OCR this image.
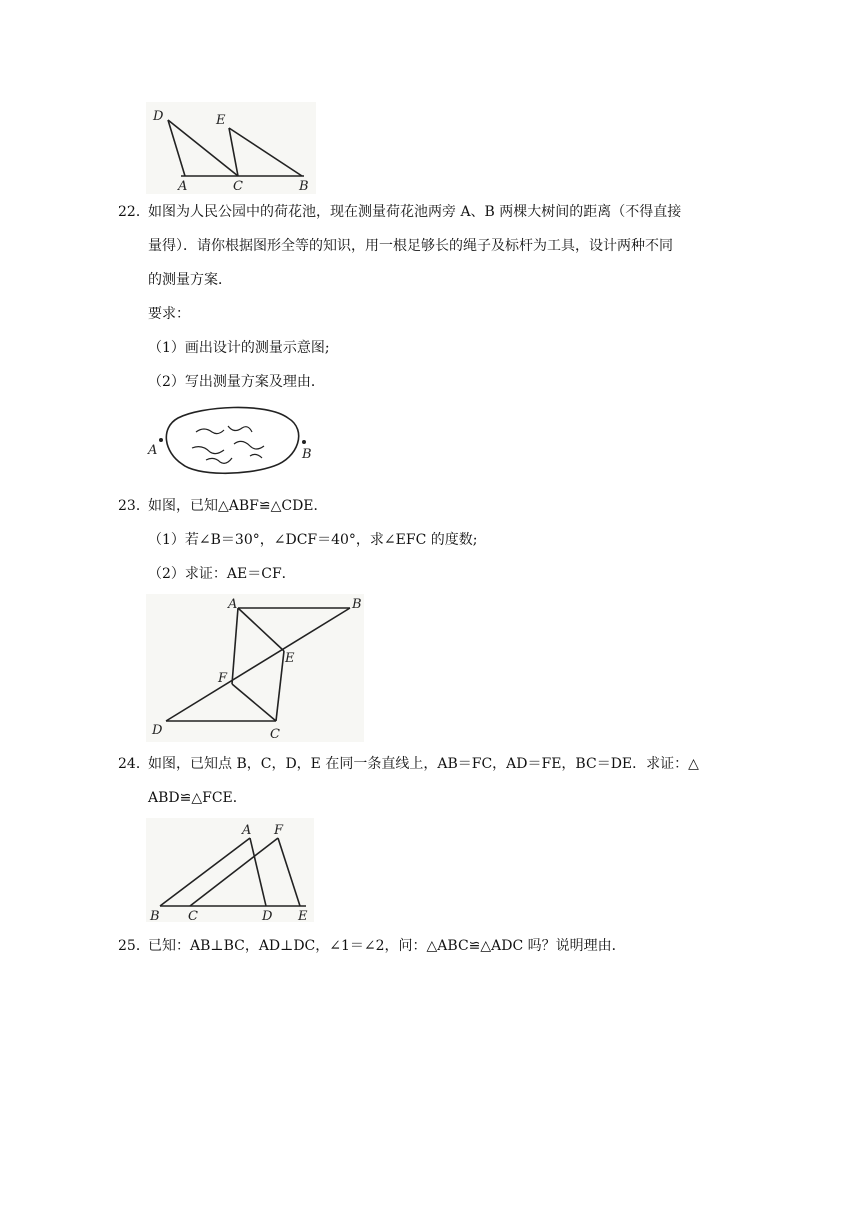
D	E
A	C	B
22．
如图为人民公园中的荷花池，现在测量荷花池两旁 A、B 两棵大树间的距离（不得直接
量得）．请你根据图形全等的知识，用一根足够长的绳子及标杆为工具，设计两种不同
的测量方案．
要求：
（1）画出设计的测量示意图;
（2）写出测量方案及理由．
A	B
23．
如图，已知△ABF≌△CDE．
（1）若∠B＝30°，∠DCF＝40°，求∠EFC 的度数;
（2）求证：AE＝CF．
A	B
E
F
D	C
24．
如图，已知点 B，C，D，E 在同一条直线上，AB＝FC，AD＝FE，BC＝DE．求证：△
ABD≌△FCE．
A F
B C	D E
25．
已知：AB⊥BC，AD⊥DC，∠1＝∠2，问：△ABC≌△ADC 吗？说明理由．
